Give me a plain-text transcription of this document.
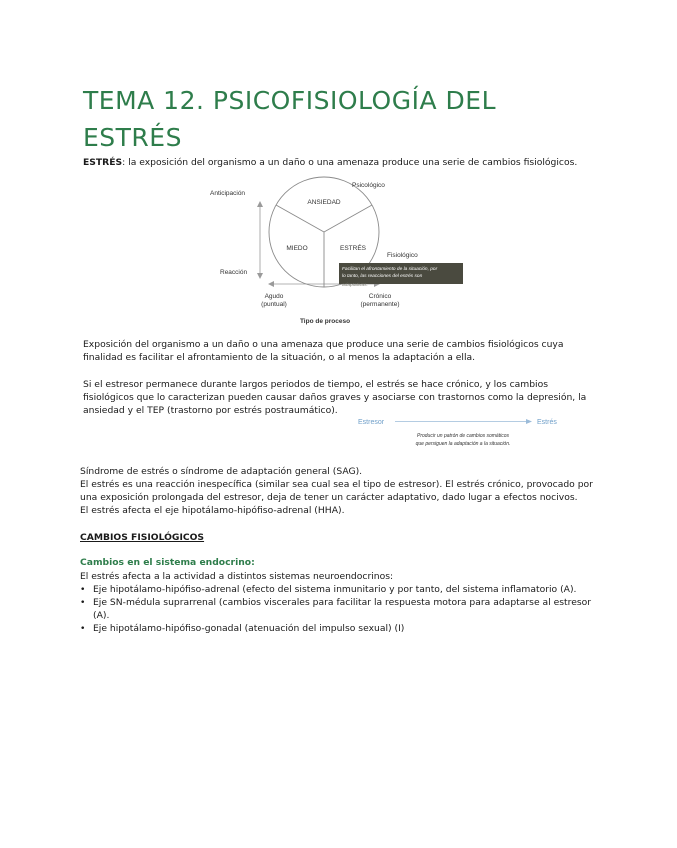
TEMA 12. PSICOFISIOLOGÍA DEL ESTRÉS

ESTRÉS: la exposición del organismo a un daño o una amenaza produce una serie de cambios fisiológicos.

Anticipación
Reacción
Agudo
(puntual)
Crónico
(permanente)
Tipo de proceso
ANSIEDAD
MIEDO	ESTRÉS
Psicológico
Fisiológico
Facilitan el afrontamiento de la situación, por
lo tanto, las reacciones del estrés son
adaptativas.

Exposición del organismo a un daño o una amenaza que produce una serie de cambios fisiológicos cuya finalidad es facilitar el afrontamiento de la situación, o al menos la adaptación a ella.

Si el estresor permanece durante largos periodos de tiempo, el estrés se hace crónico, y los cambios fisiológicos que lo caracterizan pueden causar daños graves y asociarse con trastornos como la depresión, la ansiedad y el TEP (trastorno por estrés postraumático).

Estresor	Estrés
Producir un patrón de cambios somáticos
que persiguen la adaptación a la situación.
Síndrome de estrés o síndrome de adaptación general (SAG).
El estrés es una reacción inespecífica (similar sea cual sea el tipo de estresor). El estrés crónico, provocado por una exposición prolongada del estresor, deja de tener un carácter adaptativo, dado lugar a efectos nocivos.
El estrés afecta el eje hipotálamo-hipófiso-adrenal (HHA).
CAMBIOS FISIOLÓGICOS
Cambios en el sistema endocrino:

El estrés afecta a la actividad a distintos sistemas neuroendocrinos:

• Eje hipotálamo-hipófiso-adrenal (efecto del sistema inmunitario y por tanto, del sistema inflamatorio (A).
• Eje SN-médula suprarrenal (cambios viscerales para facilitar la respuesta motora para adaptarse al estresor (A).
• Eje hipotálamo-hipófiso-gonadal (atenuación del impulso sexual) (I)
